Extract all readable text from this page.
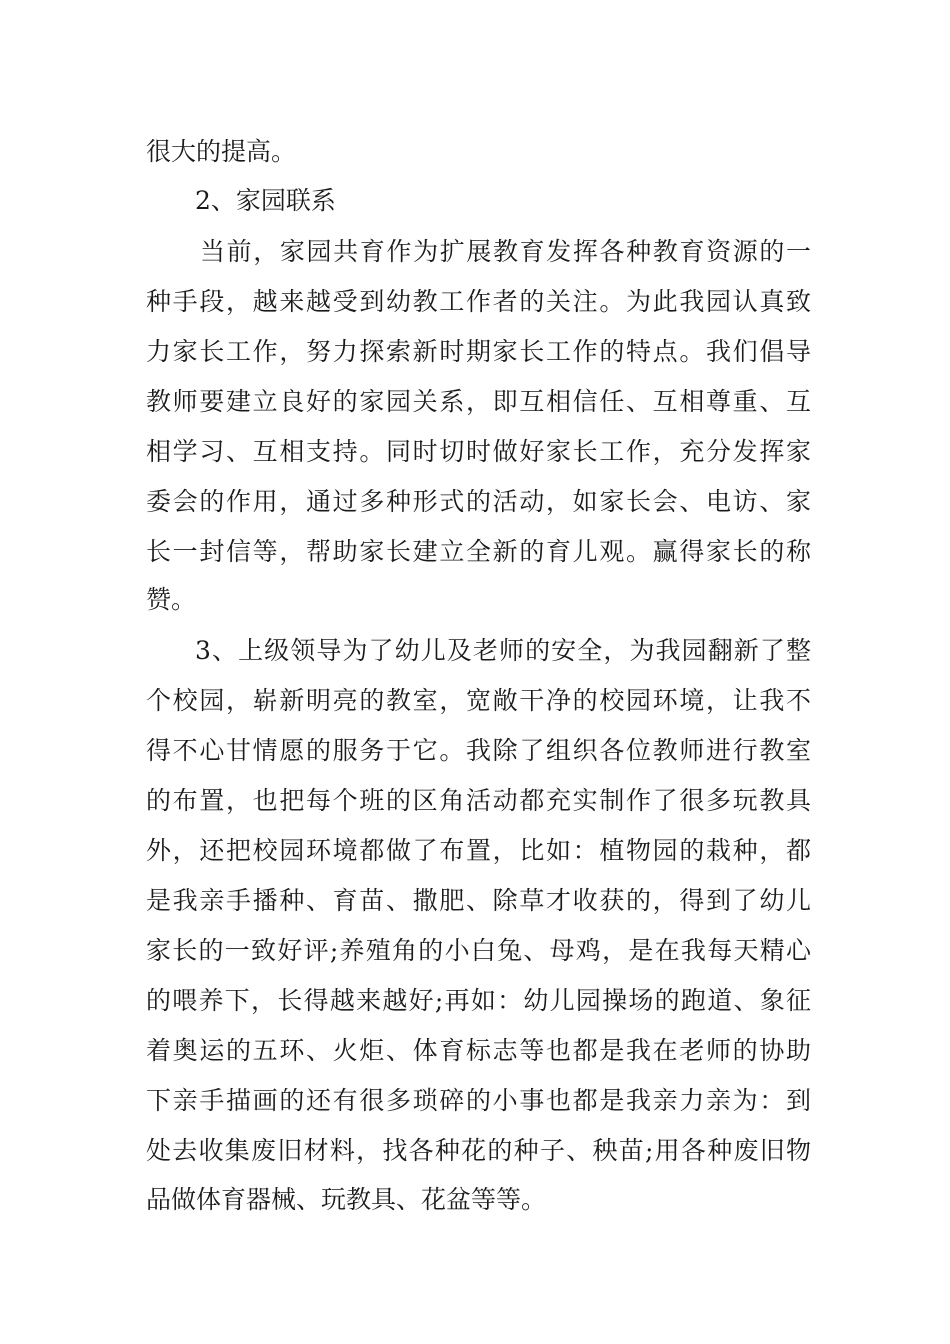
很大的提高。
2、家园联系
当前，家园共育作为扩展教育发挥各种教育资源的一
种手段，越来越受到幼教工作者的关注。为此我园认真致
力家长工作，努力探索新时期家长工作的特点。我们倡导
教师要建立良好的家园关系，即互相信任、互相尊重、互
相学习、互相支持。同时切时做好家长工作，充分发挥家
委会的作用，通过多种形式的活动，如家长会、电访、家
长一封信等，帮助家长建立全新的育儿观。赢得家长的称
赞。
3、上级领导为了幼儿及老师的安全，为我园翻新了整
个校园，崭新明亮的教室，宽敞干净的校园环境，让我不
得不心甘情愿的服务于它。我除了组织各位教师进行教室
的布置，也把每个班的区角活动都充实制作了很多玩教具
外，还把校园环境都做了布置，比如：植物园的栽种，都
是我亲手播种、育苗、撒肥、除草才收获的，得到了幼儿
家长的一致好评;养殖角的小白兔、母鸡，是在我每天精心
的喂养下，长得越来越好;再如：幼儿园操场的跑道、象征
着奥运的五环、火炬、体育标志等也都是我在老师的协助
下亲手描画的还有很多琐碎的小事也都是我亲力亲为：到
处去收集废旧材料，找各种花的种子、秧苗;用各种废旧物
品做体育器械、玩教具、花盆等等。
